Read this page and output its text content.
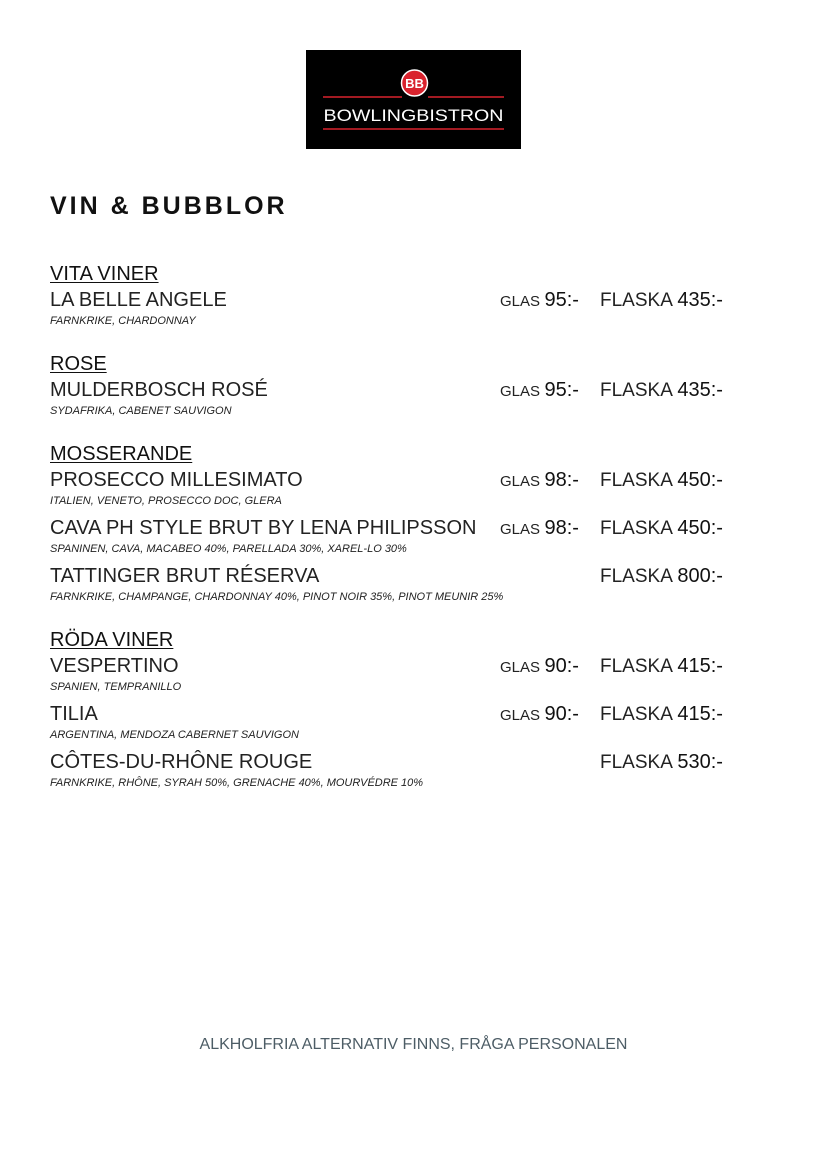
BB
BOWLINGBISTRON
VIN & BUBBLOR
VITA VINER
LA BELLE ANGELE	GLAS 95:- FLASKA 435:-

FARNKRIKE, CHARDONNAY

ROSE
MULDERBOSCH ROSÉ	GLAS 95:- FLASKA 435:-

SYDAFRIKA, CABENET SAUVIGON

MOSSERANDE
PROSECCO MILLESIMATO	GLAS 98:- FLASKA 450:-

ITALIEN, VENETO, PROSECCO DOC, GLERA

CAVA PH STYLE BRUT BY LENA PHILIPSSON GLAS 98:- FLASKA 450:-

SPANINEN, CAVA, MACABEO 40%, PARELLADA 30%, XAREL-LO 30%

TATTINGER BRUT RÉSERVA	FLASKA 800:-

FARNKRIKE, CHAMPANGE, CHARDONNAY 40%, PINOT NOIR 35%, PINOT MEUNIR 25%

RÖDA VINER
VESPERTINO	GLAS 90:- FLASKA 415:-

SPANIEN, TEMPRANILLO

TILIA	GLAS 90:- FLASKA 415:-

ARGENTINA, MENDOZA CABERNET SAUVIGON

CÔTES-DU-RHÔNE ROUGE	FLASKA 530:-

FARNKRIKE, RHÔNE, SYRAH 50%, GRENACHE 40%, MOURVÉDRE 10%

ALKHOLFRIA ALTERNATIV FINNS, FRÅGA PERSONALEN
